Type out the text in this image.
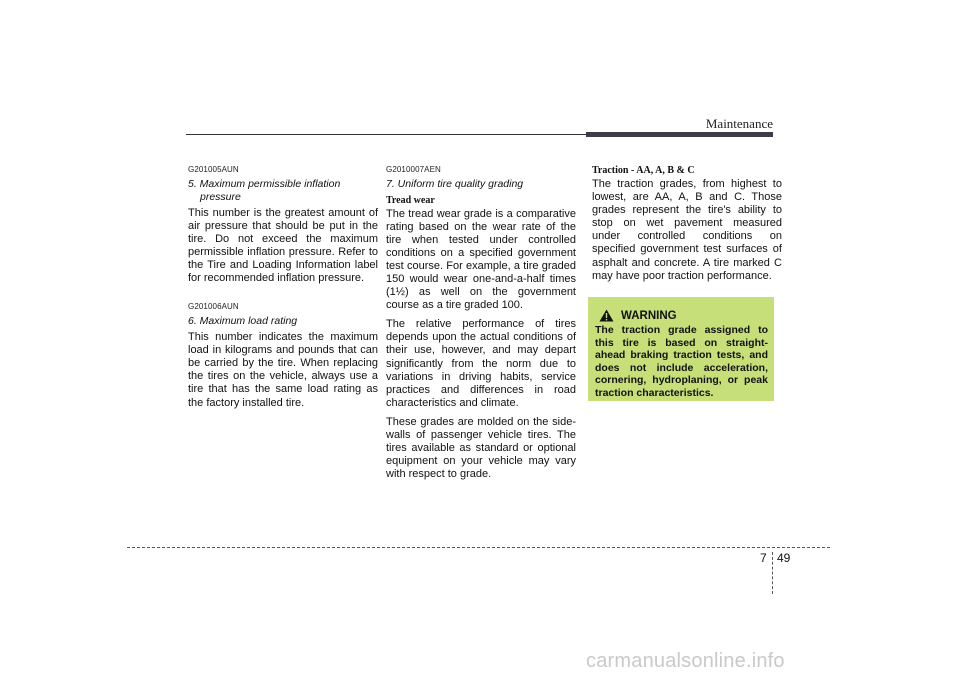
Maintenance

G201005AUN

5. Maximum permissible inflation pressure

This number is the greatest amount of air pressure that should be put in the tire. Do not exceed the maximum permissible inflation pressure. Refer to the Tire and Loading Information label for recommended inflation pressure.

G201006AUN

6. Maximum load rating

This number indicates the maximum load in kilograms and pounds that can be carried by the tire. When replacing the tires on the vehicle, always use a tire that has the same load rating as the factory installed tire.

G2010007AEN

7. Uniform tire quality grading

Tread wear

The tread wear grade is a comparative rating based on the wear rate of the tire when tested under controlled conditions on a specified government test course. For example, a tire graded 150 would wear one-and-a-half times (1½) as well on the government course as a tire graded 100.

The relative performance of tires depends upon the actual conditions of their use, however, and may depart significantly from the norm due to variations in driving habits, service practices and differences in road characteristics and climate.

These grades are molded on the side-walls of passenger vehicle tires. The tires available as standard or optional equipment on your vehicle may vary with respect to grade.

Traction - AA, A, B & C

The traction grades, from highest to lowest, are AA, A, B and C. Those grades represent the tire's ability to stop on wet pavement measured under controlled conditions on specified government test surfaces of asphalt and concrete. A tire marked C may have poor traction performance.

WARNING

The traction grade assigned to this tire is based on straight-ahead braking traction tests, and does not include acceleration, cornering, hydroplaning, or peak traction characteristics.

7 49
carmanualsonline.info
